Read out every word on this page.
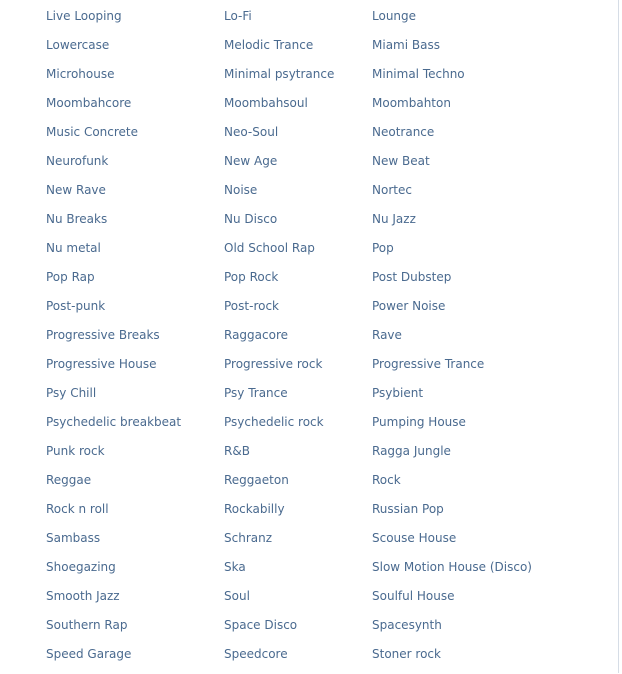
Live Looping	Lo-Fi	Lounge
Lowercase	Melodic Trance	Miami Bass
Microhouse	Minimal psytrance	Minimal Techno
Moombahcore	Moombahsoul	Moombahton
Music Concrete	Neo-Soul	Neotrance
Neurofunk	New Age	New Beat
New Rave	Noise	Nortec
Nu Breaks	Nu Disco	Nu Jazz
Nu metal	Old School Rap	Pop
Pop Rap	Pop Rock	Post Dubstep
Post-punk	Post-rock	Power Noise
Progressive Breaks	Raggacore	Rave
Progressive House	Progressive rock	Progressive Trance
Psy Chill	Psy Trance	Psybient
Psychedelic breakbeat	Psychedelic rock	Pumping House
Punk rock	R&B	Ragga Jungle
Reggae	Reggaeton	Rock
Rock n roll	Rockabilly	Russian Pop
Sambass	Schranz	Scouse House
Shoegazing	Ska	Slow Motion House (Disco)
Smooth Jazz	Soul	Soulful House
Southern Rap	Space Disco	Spacesynth
Speed Garage	Speedcore	Stoner rock
